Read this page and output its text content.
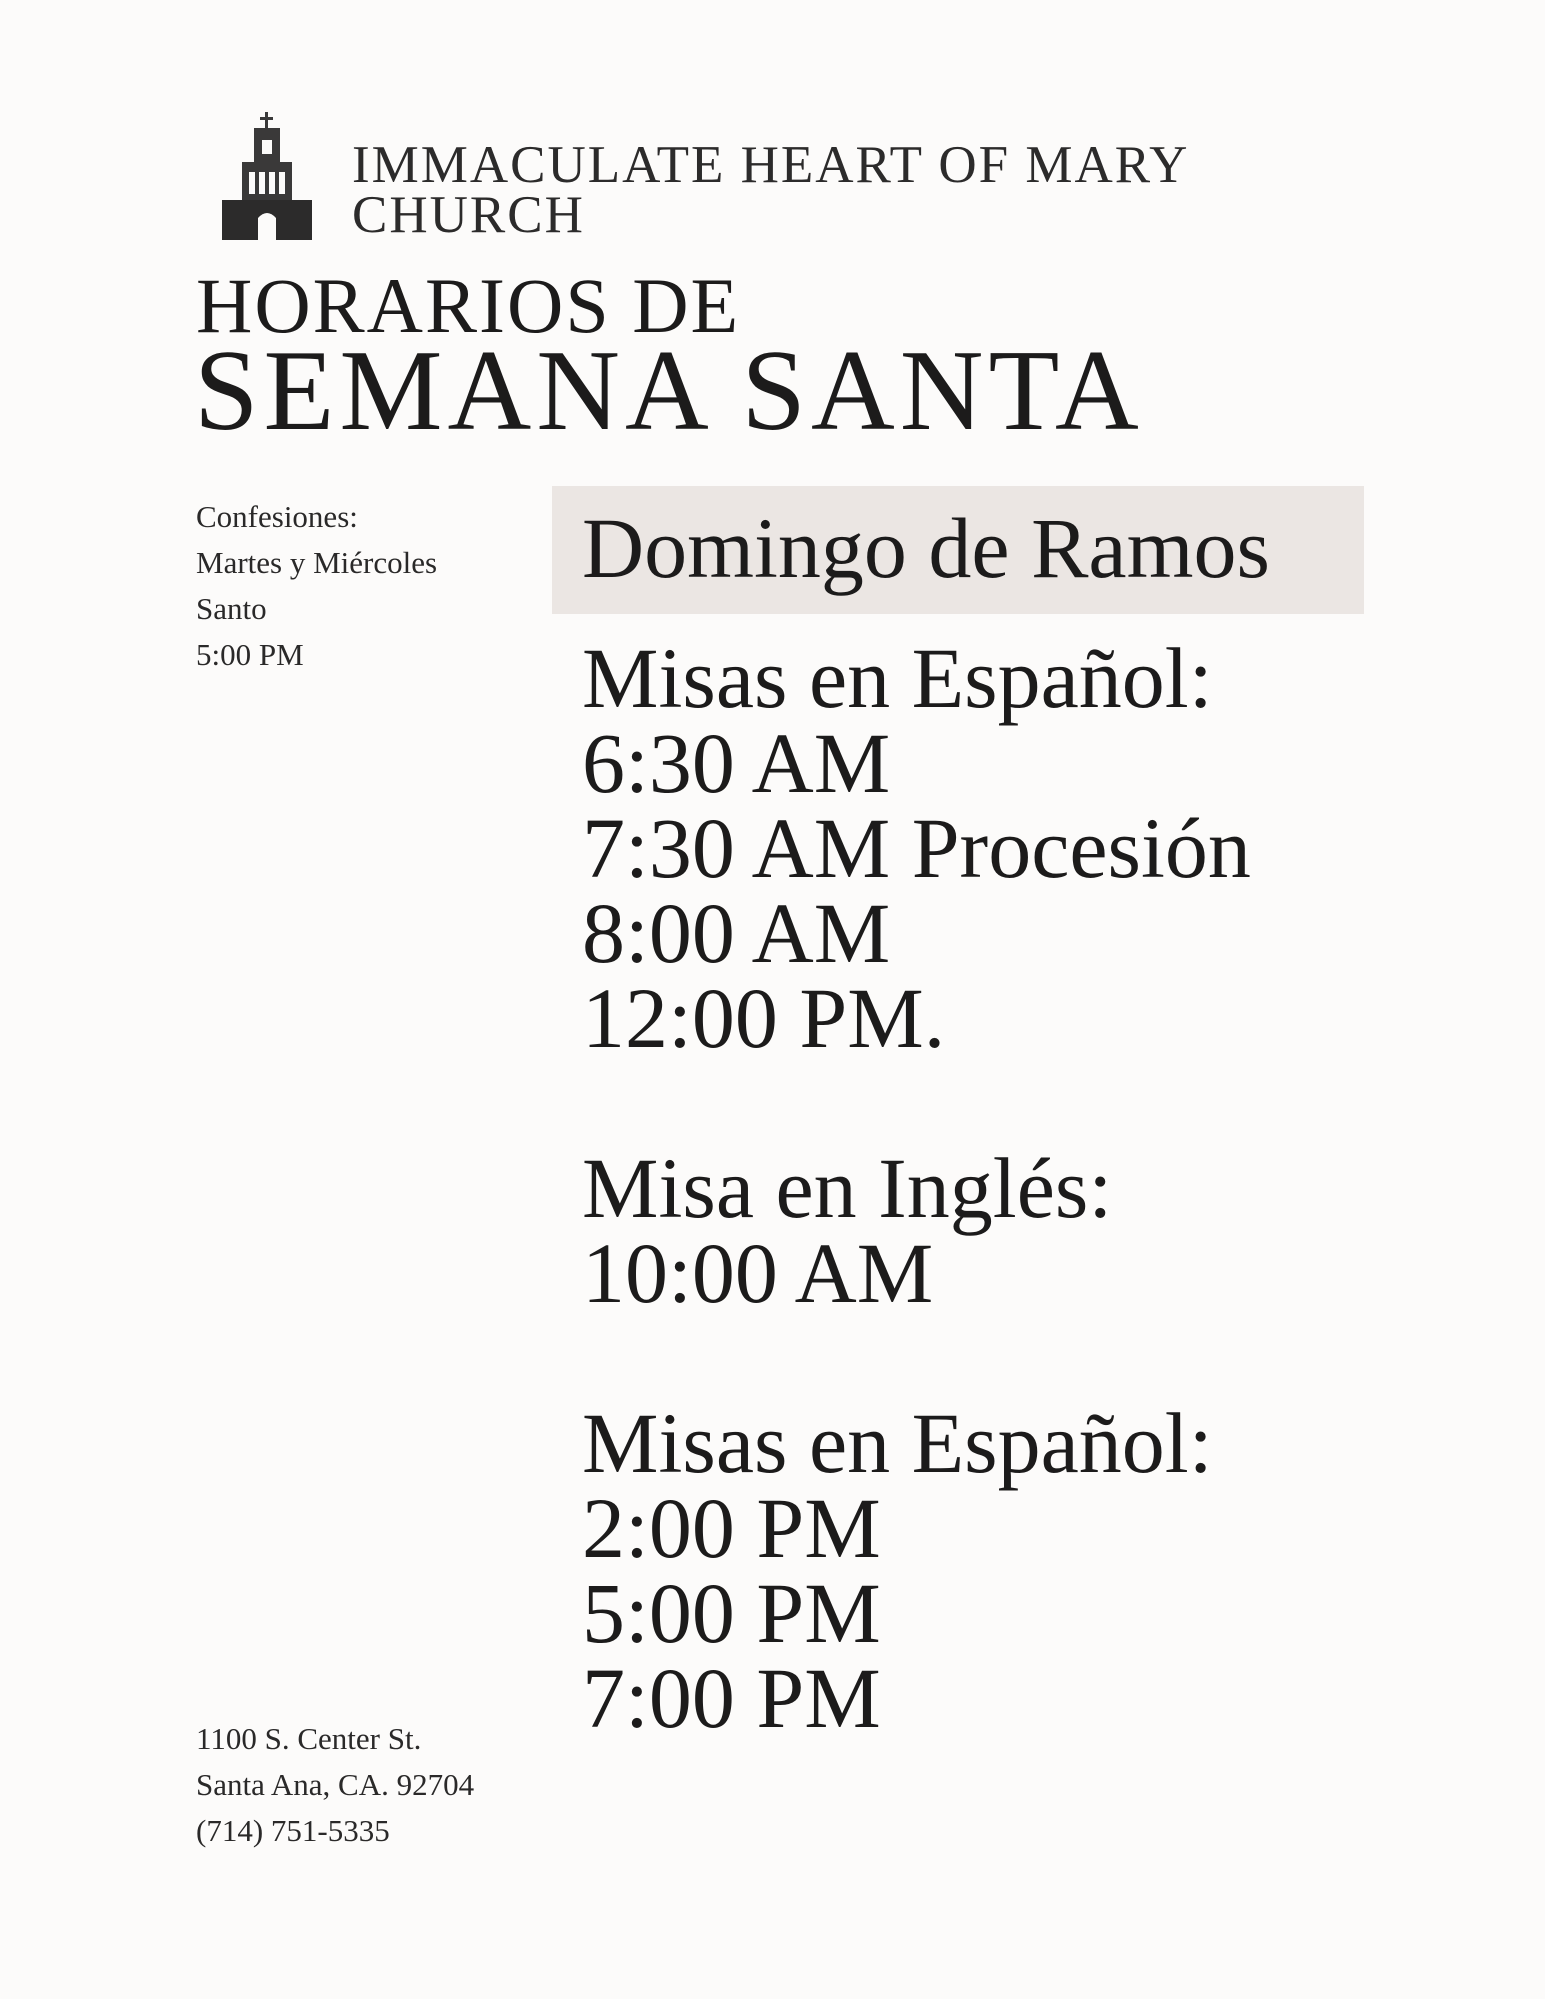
IMMACULATE HEART OF MARY
CHURCH
HORARIOS DE
SEMANA SANTA
Confesiones:
Martes y Miércoles
Santo
5:00 PM
Domingo de Ramos
Misas en Español:
6:30 AM
7:30 AM Procesión
8:00 AM
12:00 PM.
Misa en Inglés:
10:00 AM
Misas en Español:
2:00 PM
5:00 PM
7:00 PM
1100 S. Center St.
Santa Ana, CA. 92704
(714) 751-5335
